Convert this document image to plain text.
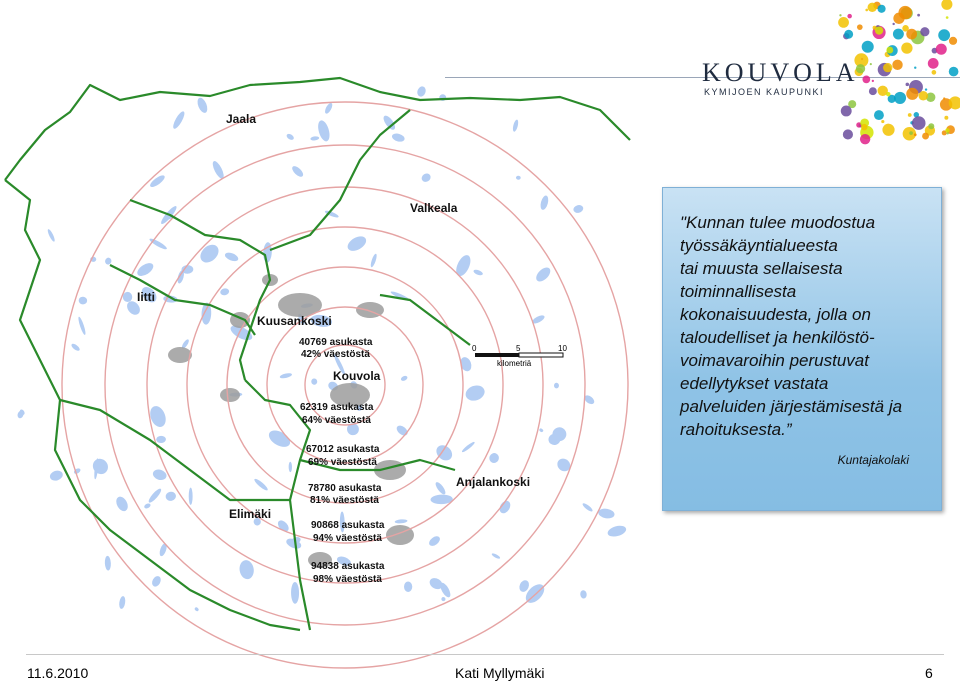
Jaala
Valkeala
Iitti
Kuusankoski
Kouvola
Anjalankoski
Elimäki
40769 asukasta
42% väestöstä
62319 asukasta
64% väestöstä
67012 asukasta
69% väestöstä
78780 asukasta
81% väestöstä
90868 asukasta
94% väestöstä
94838 asukasta
98% väestöstä
0	5	10
kilometriä
KOUVOLA
KYMIJOEN KAUPUNKI

"Kunnan tulee muodostua
työssäkäyntialueesta
tai muusta sellaisesta
toiminnallisesta
kokonaisuudesta, jolla on
taloudelliset ja henkilöstö-
voimavaroihin perustuvat
edellytykset vastata
palveluiden järjestämisestä ja
rahoituksesta.”

Kuntajakolaki
11.6.2010	Kati Myllymäki	6
